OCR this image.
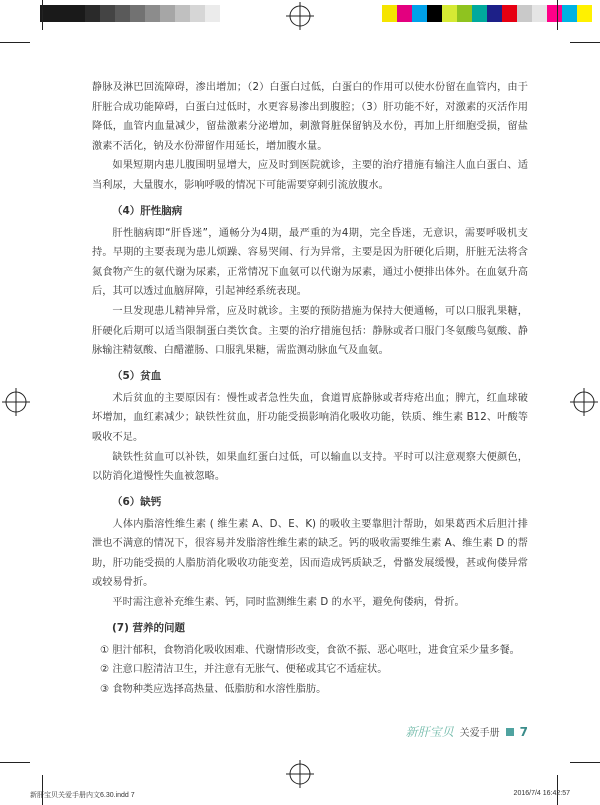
静脉及淋巴回流障碍，渗出增加；（2）白蛋白过低，白蛋白的作用可以使水份留在血管内，由于肝脏合成功能障碍，白蛋白过低时，水更容易渗出到腹腔；（3）肝功能不好，对激素的灭活作用降低，血管内血量减少，留盐激素分泌增加，刺激肾脏保留钠及水份，再加上肝细胞受损，留盐激素不活化，钠及水份滞留作用延长，增加腹水量。

如果短期内患儿腹围明显增大，应及时到医院就诊，主要的治疗措施有输注人血白蛋白、适当利尿，大量腹水，影响呼吸的情况下可能需要穿刺引流放腹水。

（4）肝性脑病

肝性脑病即“肝昏迷”，通畅分为4期，最严重的为4期，完全昏迷，无意识，需要呼吸机支持。早期的主要表现为患儿烦躁、容易哭闹、行为异常，主要是因为肝硬化后期，肝脏无法将含氮食物产生的氨代谢为尿素，正常情况下血氨可以代谢为尿素，通过小便排出体外。在血氨升高后，其可以透过血脑屏障，引起神经系统表现。

一旦发现患儿精神异常，应及时就诊。主要的预防措施为保持大便通畅，可以口服乳果糖，肝硬化后期可以适当限制蛋白类饮食。主要的治疗措施包括：静脉或者口服门冬氨酸鸟氨酸、静脉输注精氨酸、白醋灌肠、口服乳果糖，需监测动脉血气及血氨。

（5）贫血

术后贫血的主要原因有：慢性或者急性失血，食道胃底静脉或者痔疮出血；脾亢，红血球破坏增加，血红素减少；缺铁性贫血，肝功能受损影响消化吸收功能，铁质、维生素 B12、叶酸等吸收不足。

缺铁性贫血可以补铁，如果血红蛋白过低，可以输血以支持。平时可以注意观察大便颜色，以防消化道慢性失血被忽略。

（6）缺钙

人体内脂溶性维生素 ( 维生素 A、D、E、K) 的吸收主要靠胆汁帮助，如果葛西术后胆汁排泄也不满意的情况下，很容易并发脂溶性维生素的缺乏。钙的吸收需要维生素 A、维生素 D 的帮助，肝功能受损的人脂肪消化吸收功能变差，因而造成钙质缺乏，骨骼发展缓慢，甚或佝偻异常或较易骨折。

平时需注意补充维生素、钙，同时监测维生素 D 的水平，避免佝偻病，骨折。

(7) 营养的问题
① 胆汁郁积，食物消化吸收困难、代谢情形改变，食欲不振、恶心呕吐，进食宜采少量多餐。
② 注意口腔清洁卫生，并注意有无胀气、便秘或其它不适症状。
③ 食物种类应选择高热量、低脂肪和水溶性脂肪。
新肝宝贝 关爱手册 7
新肝宝贝关爱手册内文6.30.indd 7	2016/7/4 16:42:57
